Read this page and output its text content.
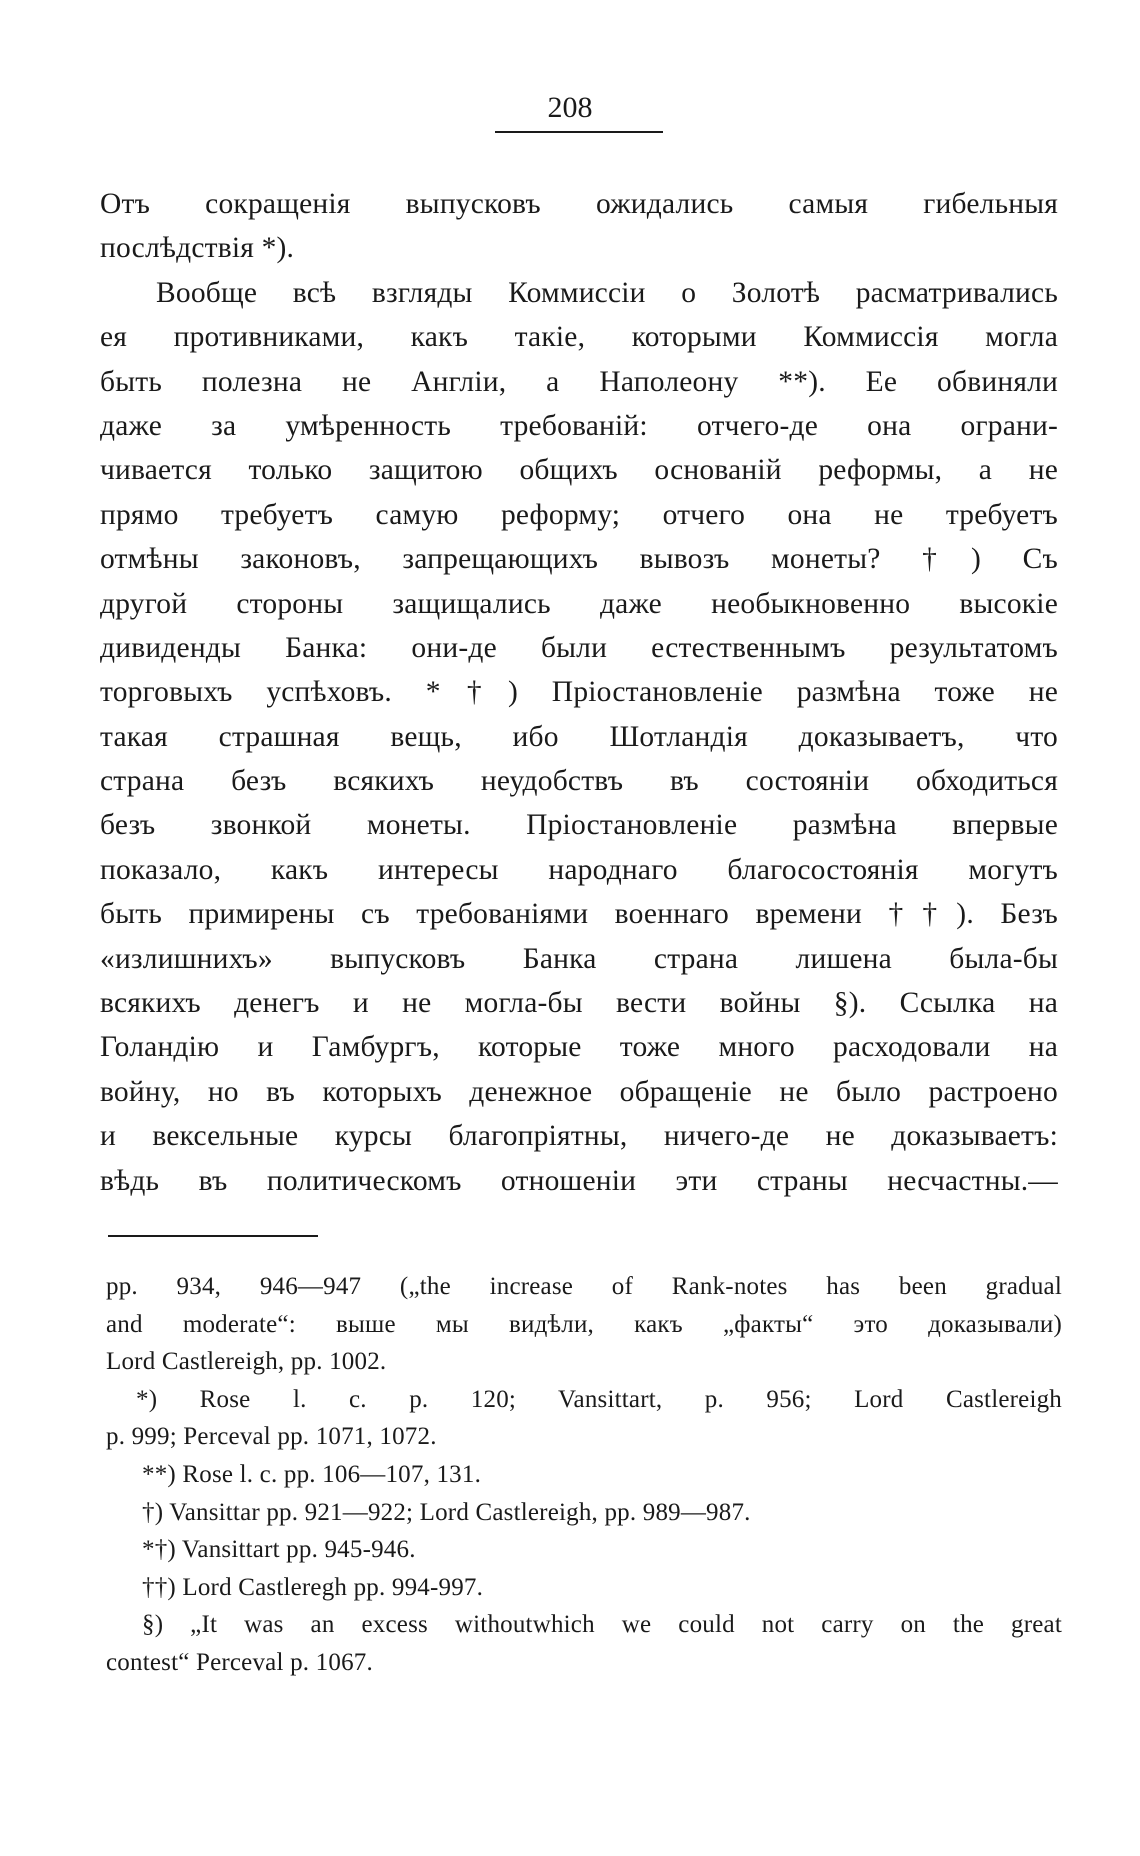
208
Отъ сокращенія выпусковъ ожидались самыя гибельныя
послѣдствія *).
Вообще всѣ взгляды Коммиссіи о Золотѣ расматривались
ея противниками, какъ такіе, которыми Коммиссія могла
быть полезна не Англіи, а Наполеону **). Ее обвиняли
даже за умѣренность требованій: отчего-де она ограни-
чивается только защитою общихъ основаній реформы, а не
прямо требуетъ самую реформу; отчего она не требуетъ
отмѣны законовъ, запрещающихъ вывозъ монеты? †) Съ
другой стороны защищались даже необыкновенно высокіе
дивиденды Банка: они-де были естественнымъ результатомъ
торговыхъ успѣховъ. *†) Пріостановленіе размѣна тоже не
такая страшная вещь, ибо Шотландія доказываетъ, что
страна безъ всякихъ неудобствъ въ состояніи обходиться
безъ звонкой монеты. Пріостановленіе размѣна впервые
показало, какъ интересы народнаго благосостоянія могутъ
быть примирены съ требованіями военнаго времени ††). Безъ
«излишнихъ» выпусковъ Банка страна лишена была-бы
всякихъ денегъ и не могла-бы вести войны §). Ссылка на
Голандію и Гамбургъ, которые тоже много расходовали на
войну, но въ которыхъ денежное обращеніе не было растроено
и вексельные курсы благопріятны, ничего-де не доказываетъ:
вѣдь въ политическомъ отношеніи эти страны несчастны.—
pp. 934, 946—947 („the increase of Rank-notes has been gradual
and moderate“: выше мы видѣли, какъ „факты“ это доказывали)
Lord Castlereigh, pp. 1002.
*) Rose l. c. p. 120; Vansittart, p. 956; Lord Castlereigh
p. 999; Perceval pp. 1071, 1072.
**) Rose l. c. pp. 106—107, 131.
†) Vansittar pp. 921—922; Lord Castlereigh, pp. 989—987.
*†) Vansittart pp. 945-946.
††) Lord Castleregh pp. 994-997.
§) „It was an excess withoutwhich we could not carry on the great
contest“ Perceval p. 1067.
